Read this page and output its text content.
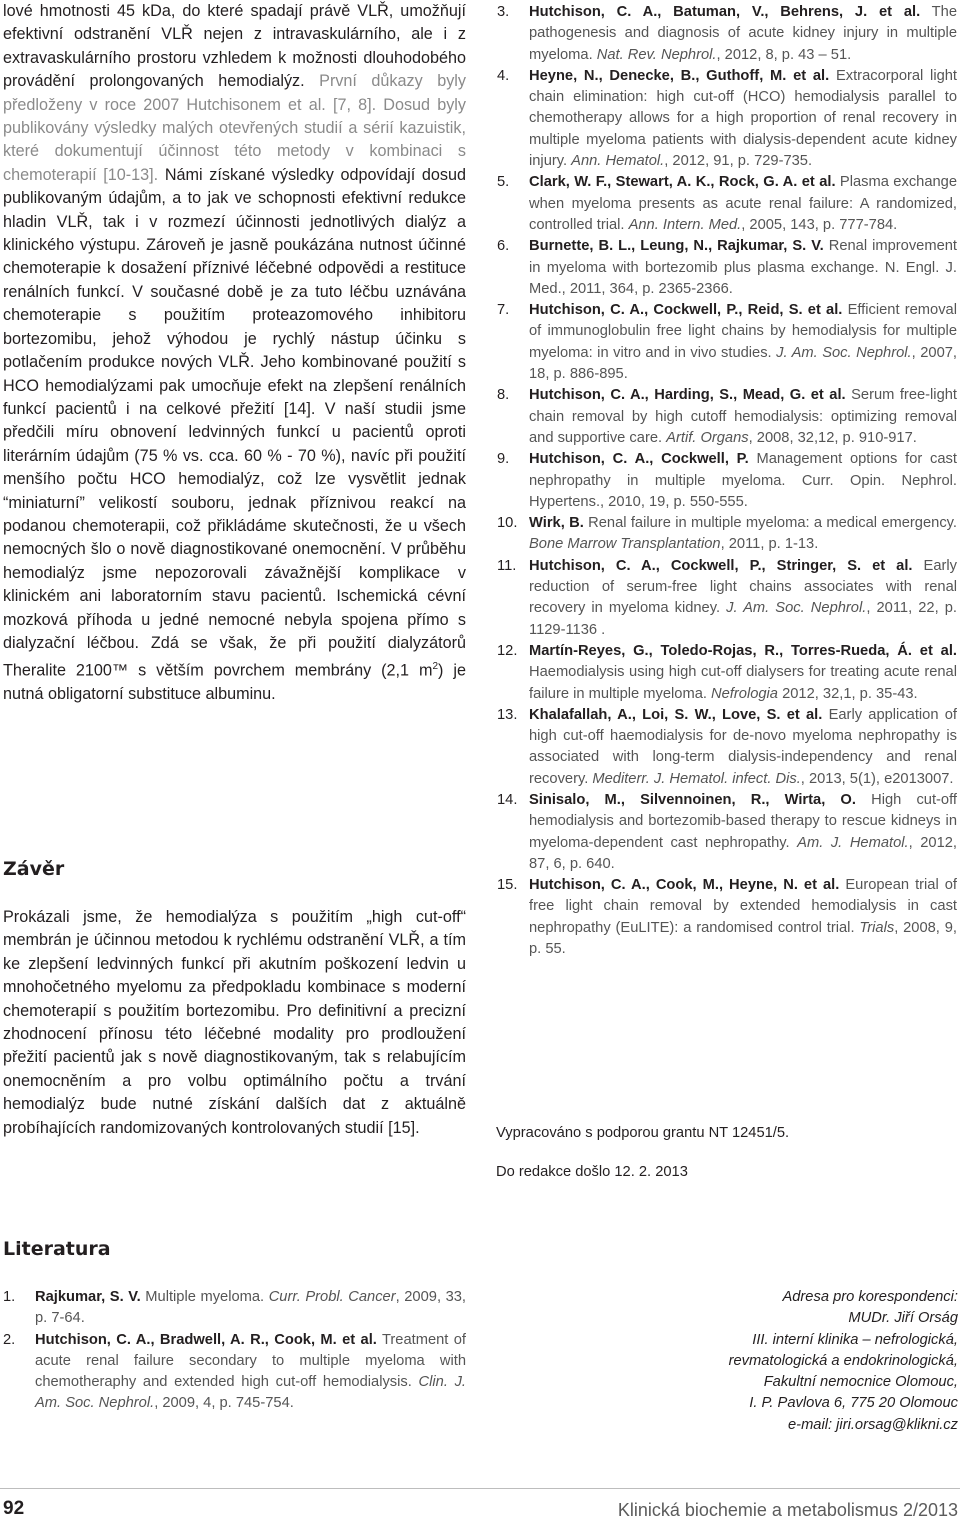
lové hmotnosti 45 kDa, do které spadají právě VLŘ, umožňují efektivní odstranění VLŘ nejen z intravaskulárního, ale i z extravaskulárního prostoru vzhledem k možnosti dlouhodobého provádění prolongovaných hemodialýz. První důkazy byly předloženy v roce 2007 Hutchisonem et al. [7, 8]. Dosud byly publikovány výsledky malých otevřených studií a sérií kazuistik, které dokumentují účinnost této metody v kombinaci s chemoterapií [10-13]. Námi získané výsledky odpovídají dosud publikovaným údajům, a to jak ve schopnosti efektivní redukce hladin VLŘ, tak i v rozmezí účinnosti jednotlivých dialýz a klinického výstupu. Zároveň je jasně poukázána nutnost účinné chemoterapie k dosažení příznivé léčebné odpovědi a restituce renálních funkcí. V současné době je za tuto léčbu uznávána chemoterapie s použitím proteazomového inhibitoru bortezomibu, jehož výhodou je rychlý nástup účinku s potlačením produkce nových VLŘ. Jeho kombinované použití s HCO hemodialýzami pak umocňuje efekt na zlepšení renálních funkcí pacientů i na celkové přežití [14]. V naší studii jsme předčili míru obnovení ledvinných funkcí u pacientů oproti literárním údajům (75 % vs. cca. 60 % - 70 %), navíc při použití menšího počtu HCO hemodialýz, což lze vysvětlit jednak “miniaturní” velikostí souboru, jednak příznivou reakcí na podanou chemoterapii, což přikládáme skutečnosti, že u všech nemocných šlo o nově diagnostikované onemocnění. V průběhu hemodialýz jsme nepozorovali závažnější komplikace v klinickém ani laboratorním stavu pacientů. Ischemická cévní mozková příhoda u jedné nemocné nebyla spojena přímo s dialyzační léčbou. Zdá se však, že při použití dialyzátorů Theralite 2100™ s větším povrchem membrány (2,1 $m^2$) je nutná obligatorní substituce albuminu.

Závěr

Prokázali jsme, že hemodialýza s použitím „high cut-off“ membrán je účinnou metodou k rychlému odstranění VLŘ, a tím ke zlepšení ledvinných funkcí při akutním poškození ledvin u mnohočetného myelomu za předpokladu kombinace s moderní chemoterapií s použitím bortezomibu. Pro definitivní a precizní zhodnocení přínosu této léčebné modality pro prodloužení přežití pacientů jak s nově diagnostikovaným, tak s relabujícím onemocněním a pro volbu optimálního počtu a trvání hemodialýz bude nutné získání dalších dat z aktuálně probíhajících randomizovaných kontrolovaných studií [15].

Literatura

1. Rajkumar, S. V. Multiple myeloma. Curr. Probl. Cancer, 2009, 33, p. 7-64.

2. Hutchison, C. A., Bradwell, A. R., Cook, M. et al. Treatment of acute renal failure secondary to multiple myeloma with chemotheraphy and extended high cut-off hemodialysis. Clin. J. Am. Soc. Nephrol., 2009, 4, p. 745-754.

3. Hutchison, C. A., Batuman, V., Behrens, J. et al. The pathogenesis and diagnosis of acute kidney injury in multiple myeloma. Nat. Rev. Nephrol., 2012, 8, p. 43 – 51.

4. Heyne, N., Denecke, B., Guthoff, M. et al. Extracorporal light chain elimination: high cut-off (HCO) hemodialysis parallel to chemotherapy allows for a high proportion of renal recovery in multiple myeloma patients with dialysis-dependent acute kidney injury. Ann. Hematol., 2012, 91, p. 729-735.

5. Clark, W. F., Stewart, A. K., Rock, G. A. et al. Plasma exchange when myeloma presents as acute renal failure: A randomized, controlled trial. Ann. Intern. Med., 2005, 143, p. 777-784.

6. Burnette, B. L., Leung, N., Rajkumar, S. V. Renal improvement in myeloma with bortezomib plus plasma exchange. N. Engl. J. Med., 2011, 364, p. 2365-2366.

7. Hutchison, C. A., Cockwell, P., Reid, S. et al. Efficient removal of immunoglobulin free light chains by hemodialysis for multiple myeloma: in vitro and in vivo studies. J. Am. Soc. Nephrol., 2007, 18, p. 886-895.

8. Hutchison, C. A., Harding, S., Mead, G. et al. Serum free-light chain removal by high cutoff hemodialysis: optimizing removal and supportive care. Artif. Organs, 2008, 32,12, p. 910-917.

9. Hutchison, C. A., Cockwell, P. Management options for cast nephropathy in multiple myeloma. Curr. Opin. Nephrol. Hypertens., 2010, 19, p. 550-555.

10. Wirk, B. Renal failure in multiple myeloma: a medical emergency. Bone Marrow Transplantation, 2011, p. 1-13.

11. Hutchison, C. A., Cockwell, P., Stringer, S. et al. Early reduction of serum-free light chains associates with renal recovery in myeloma kidney. J. Am. Soc. Nephrol., 2011, 22, p. 1129-1136 .

12. Martín-Reyes, G., Toledo-Rojas, R., Torres-Rueda, Á. et al. Haemodialysis using high cut-off dialysers for treating acute renal failure in multiple myeloma. Nefrologia 2012, 32,1, p. 35-43.

13. Khalafallah, A., Loi, S. W., Love, S. et al. Early application of high cut-off haemodialysis for de-novo myeloma nephropathy is associated with long-term dialysis-independency and renal recovery. Mediterr. J. Hematol. infect. Dis., 2013, 5(1), e2013007.

14. Sinisalo, M., Silvennoinen, R., Wirta, O. High cut-off hemodialysis and bortezomib-based therapy to rescue kidneys in myeloma-dependent cast nephropathy. Am. J. Hematol., 2012, 87, 6, p. 640.

15. Hutchison, C. A., Cook, M., Heyne, N. et al. European trial of free light chain removal by extended hemodialysis in cast nephropathy (EuLITE): a randomised control trial. Trials, 2008, 9, p. 55.

Vypracováno s podporou grantu NT 12451/5.

Do redakce došlo 12. 2. 2013

Adresa pro korespondenci:
MUDr. Jiří Orság
III. interní klinika – nefrologická,
revmatologická a endokrinologická,
Fakultní nemocnice Olomouc,
I. P. Pavlova 6, 775 20 Olomouc
e-mail: jiri.orsag@klikni.cz
92	Klinická biochemie a metabolismus 2/2013
